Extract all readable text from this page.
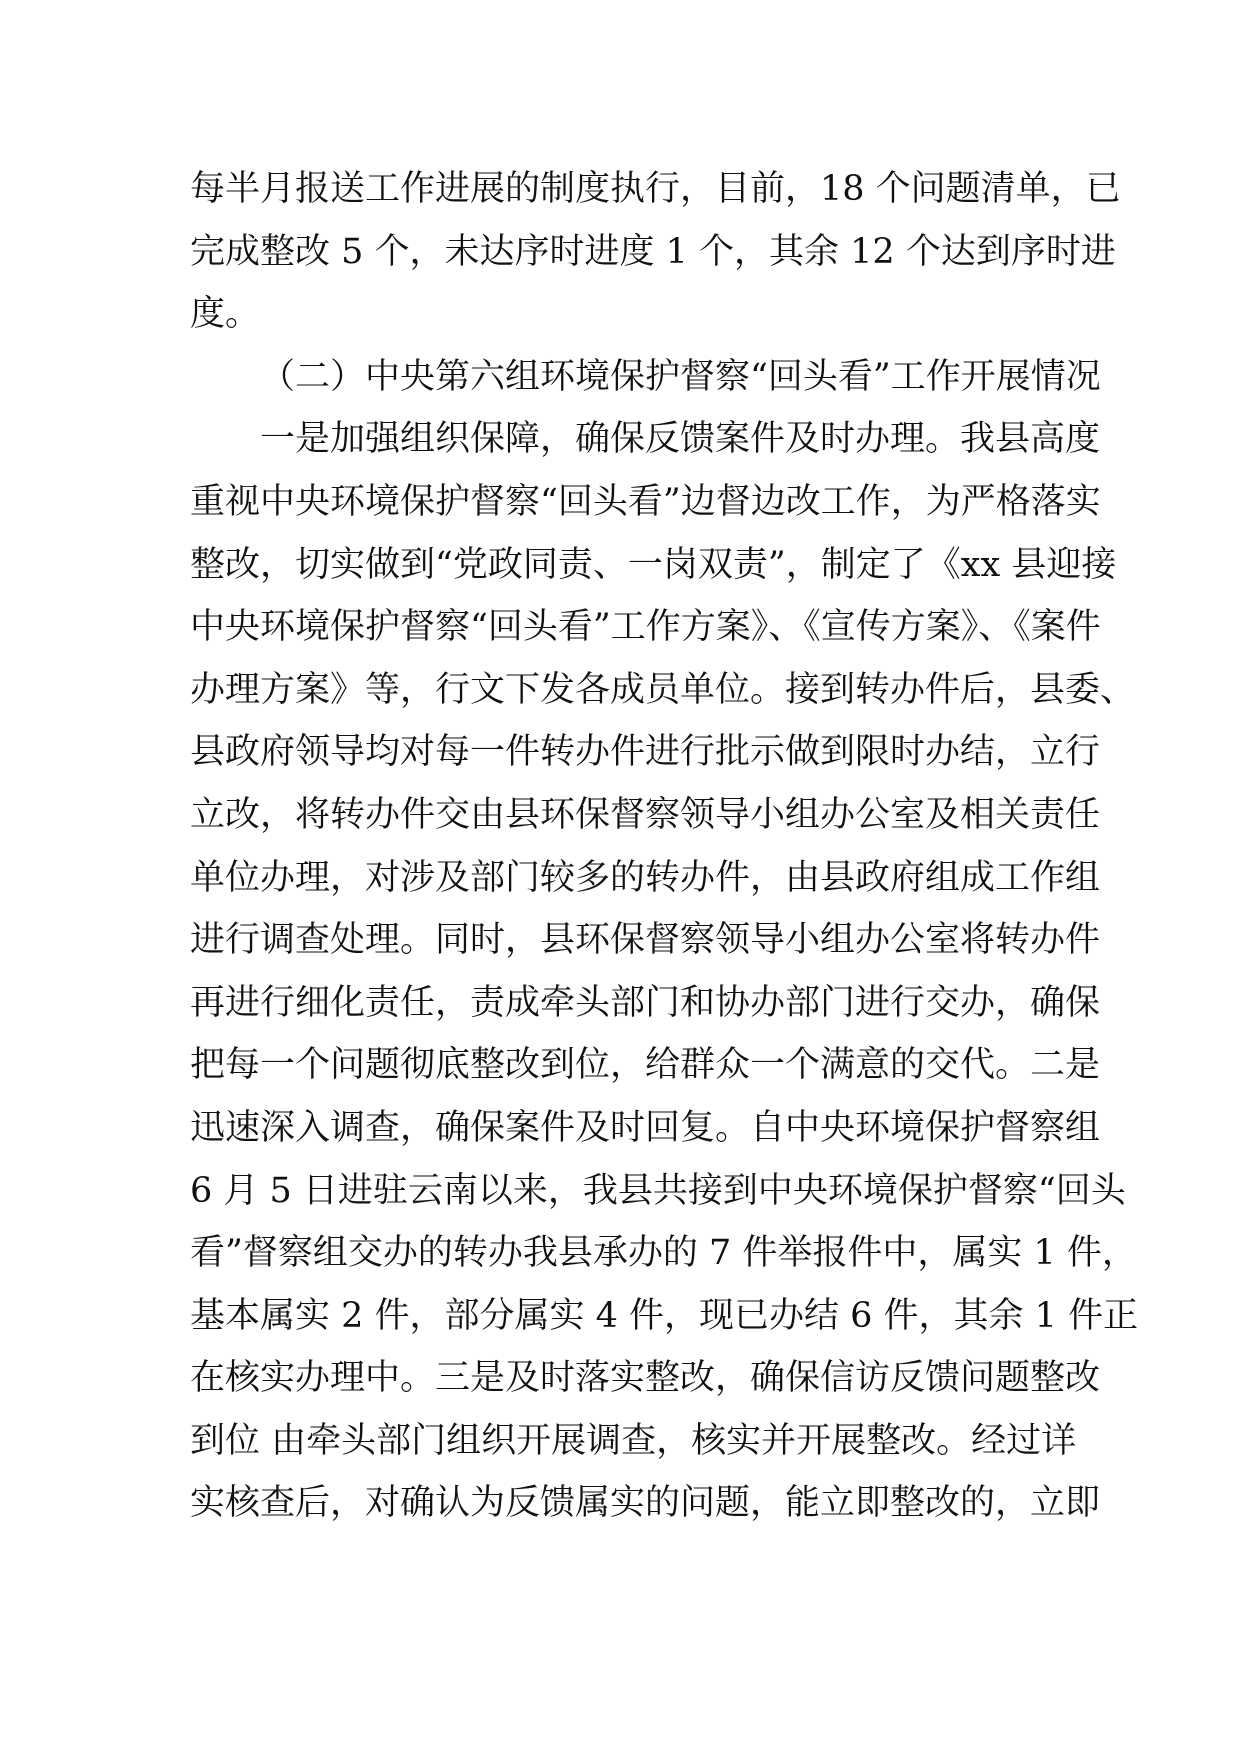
每半月报送工作进展的制度执行，目前，18 个问题清单，已
完成整改 5 个，未达序时进度 1 个，其余 12 个达到序时进
度。
（二）中央第六组环境保护督察“回头看”工作开展情况
一是加强组织保障，确保反馈案件及时办理。我县高度
重视中央环境保护督察“回头看”边督边改工作，为严格落实
整改，切实做到“党政同责、一岗双责”，制定了《xx 县迎接
中央环境保护督察“回头看”工作方案》、《宣传方案》、《案件
办理方案》等，行文下发各成员单位。接到转办件后，县委、
县政府领导均对每一件转办件进行批示做到限时办结，立行
立改，将转办件交由县环保督察领导小组办公室及相关责任
单位办理，对涉及部门较多的转办件，由县政府组成工作组
进行调查处理。同时，县环保督察领导小组办公室将转办件
再进行细化责任，责成牵头部门和协办部门进行交办，确保
把每一个问题彻底整改到位，给群众一个满意的交代。二是
迅速深入调查，确保案件及时回复。自中央环境保护督察组
6 月 5 日进驻云南以来，我县共接到中央环境保护督察“回头
看”督察组交办的转办我县承办的 7 件举报件中，属实 1 件，
基本属实 2 件，部分属实 4 件，现已办结 6 件，其余 1 件正
在核实办理中。三是及时落实整改，确保信访反馈问题整改
到位 由牵头部门组织开展调查，核实并开展整改。经过详
实核查后，对确认为反馈属实的问题，能立即整改的，立即
